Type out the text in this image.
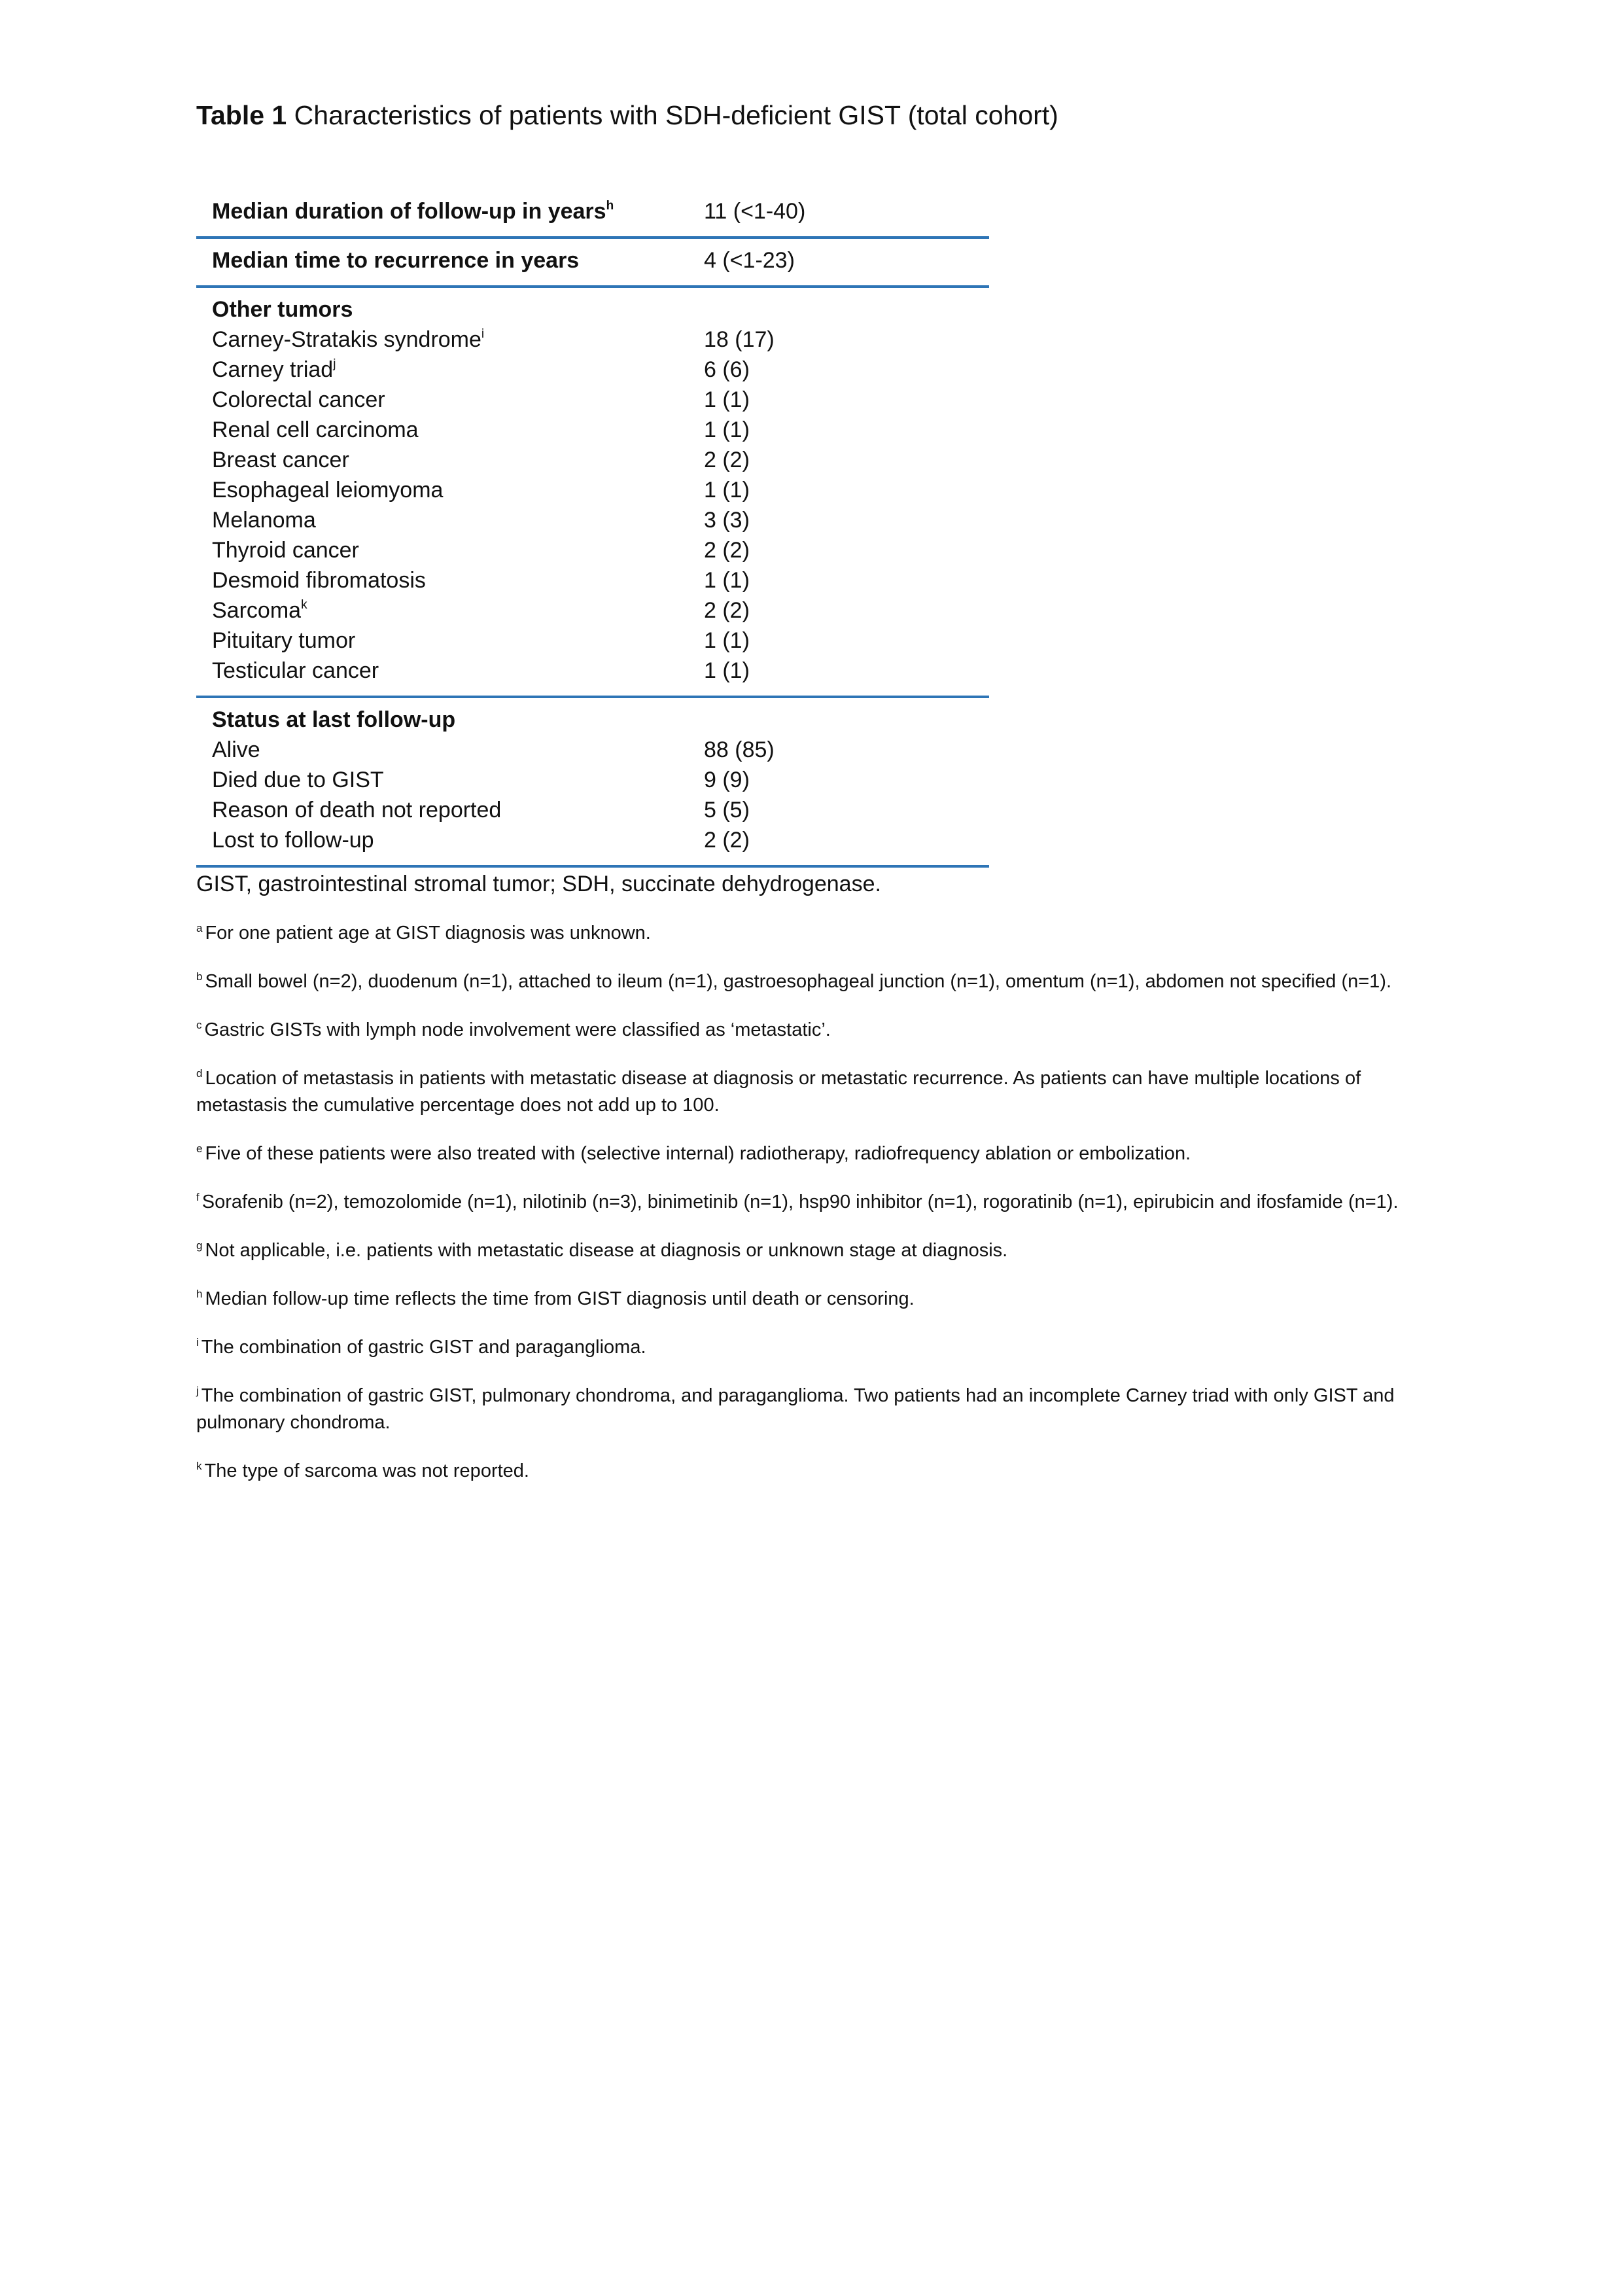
Table 1 Characteristics of patients with SDH-deficient GIST (total cohort)
Median duration of follow-up in years$^h$	11 (<1-40)
Median time to recurrence in years	4 (<1-23)
Other tumors
Carney-Stratakis syndrome$^i$	18 (17)
Carney triad$^j$	6 (6)
Colorectal cancer	1 (1)
Renal cell carcinoma	1 (1)
Breast cancer	2 (2)
Esophageal leiomyoma	1 (1)
Melanoma	3 (3)
Thyroid cancer	2 (2)
Desmoid fibromatosis	1 (1)
Sarcoma$^k$	2 (2)
Pituitary tumor	1 (1)
Testicular cancer	1 (1)
Status at last follow-up
Alive	88 (85)
Died due to GIST	9 (9)
Reason of death not reported	5 (5)
Lost to follow-up	2 (2)
GIST, gastrointestinal stromal tumor; SDH, succinate dehydrogenase.

$^a$ For one patient age at GIST diagnosis was unknown.

$^b$ Small bowel (n=2), duodenum (n=1), attached to ileum (n=1), gastroesophageal junction (n=1), omentum (n=1), abdomen not specified (n=1).

$^c$ Gastric GISTs with lymph node involvement were classified as ‘metastatic’.

$^d$ Location of metastasis in patients with metastatic disease at diagnosis or metastatic recurrence. As patients can have multiple locations of metastasis the cumulative percentage does not add up to 100.

$^e$ Five of these patients were also treated with (selective internal) radiotherapy, radiofrequency ablation or embolization.

$^f$ Sorafenib (n=2), temozolomide (n=1), nilotinib (n=3), binimetinib (n=1), hsp90 inhibitor (n=1), rogoratinib (n=1), epirubicin and ifosfamide (n=1).

$^g$ Not applicable, i.e. patients with metastatic disease at diagnosis or unknown stage at diagnosis.

$^h$ Median follow-up time reflects the time from GIST diagnosis until death or censoring.

$^i$ The combination of gastric GIST and paraganglioma.

$^j$ The combination of gastric GIST, pulmonary chondroma, and paraganglioma. Two patients had an incomplete Carney triad with only GIST and pulmonary chondroma.

$^k$ The type of sarcoma was not reported.
